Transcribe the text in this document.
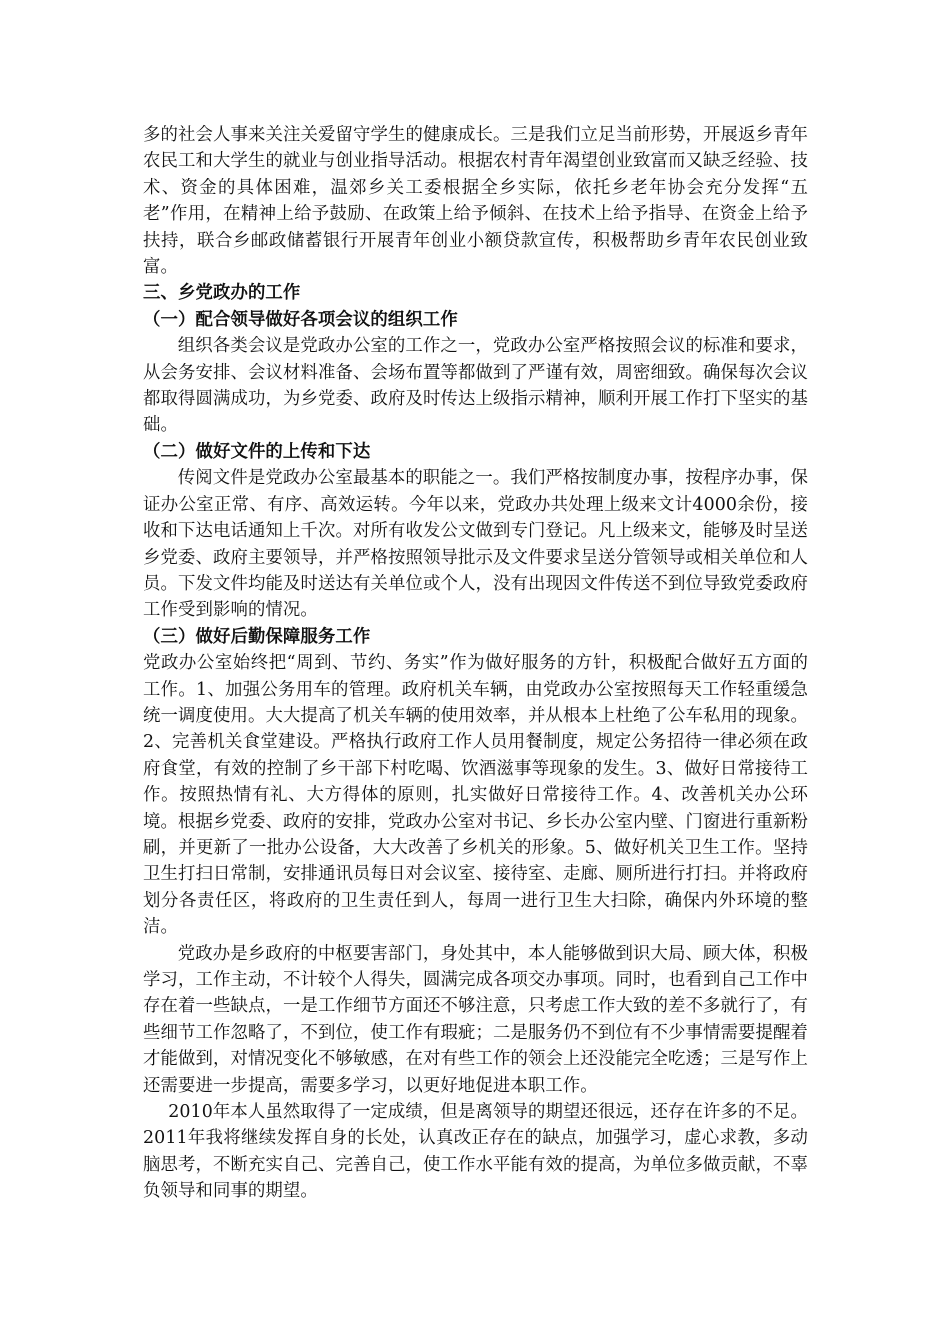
多的社会人事来关注关爱留守学生的健康成长。三是我们立足当前形势，开展返乡青年农民工和大学生的就业与创业指导活动。根据农村青年渴望创业致富而又缺乏经验、技术、资金的具体困难，温郊乡关工委根据全乡实际，依托乡老年协会充分发挥“五老”作用，在精神上给予鼓励、在政策上给予倾斜、在技术上给予指导、在资金上给予扶持，联合乡邮政储蓄银行开展青年创业小额贷款宣传，积极帮助乡青年农民创业致富。

三、乡党政办的工作

（一）配合领导做好各项会议的组织工作

组织各类会议是党政办公室的工作之一，党政办公室严格按照会议的标准和要求，从会务安排、会议材料准备、会场布置等都做到了严谨有效，周密细致。确保每次会议都取得圆满成功，为乡党委、政府及时传达上级指示精神，顺利开展工作打下坚实的基础。

（二）做好文件的上传和下达

传阅文件是党政办公室最基本的职能之一。我们严格按制度办事，按程序办事，保证办公室正常、有序、高效运转。今年以来，党政办共处理上级来文计4000余份，接收和下达电话通知上千次。对所有收发公文做到专门登记。凡上级来文，能够及时呈送乡党委、政府主要领导，并严格按照领导批示及文件要求呈送分管领导或相关单位和人员。下发文件均能及时送达有关单位或个人，没有出现因文件传送不到位导致党委政府工作受到影响的情况。

（三）做好后勤保障服务工作

党政办公室始终把“周到、节约、务实”作为做好服务的方针，积极配合做好五方面的工作。1、加强公务用车的管理。政府机关车辆，由党政办公室按照每天工作轻重缓急统一调度使用。大大提高了机关车辆的使用效率，并从根本上杜绝了公车私用的现象。2、完善机关食堂建设。严格执行政府工作人员用餐制度，规定公务招待一律必须在政府食堂，有效的控制了乡干部下村吃喝、饮酒滋事等现象的发生。3、做好日常接待工作。按照热情有礼、大方得体的原则，扎实做好日常接待工作。4、改善机关办公环境。根据乡党委、政府的安排，党政办公室对书记、乡长办公室内壁、门窗进行重新粉刷，并更新了一批办公设备，大大改善了乡机关的形象。5、做好机关卫生工作。坚持卫生打扫日常制，安排通讯员每日对会议室、接待室、走廊、厕所进行打扫。并将政府划分各责任区，将政府的卫生责任到人，每周一进行卫生大扫除，确保内外环境的整洁。

党政办是乡政府的中枢要害部门，身处其中，本人能够做到识大局、顾大体，积极学习，工作主动，不计较个人得失，圆满完成各项交办事项。同时，也看到自己工作中存在着一些缺点，一是工作细节方面还不够注意，只考虑工作大致的差不多就行了，有些细节工作忽略了，不到位，使工作有瑕疵；二是服务仍不到位有不少事情需要提醒着才能做到，对情况变化不够敏感，在对有些工作的领会上还没能完全吃透；三是写作上还需要进一步提高，需要多学习，以更好地促进本职工作。

2010年本人虽然取得了一定成绩，但是离领导的期望还很远，还存在许多的不足。2011年我将继续发挥自身的长处，认真改正存在的缺点，加强学习，虚心求教，多动脑思考，不断充实自己、完善自己，使工作水平能有效的提高，为单位多做贡献，不辜负领导和同事的期望。
